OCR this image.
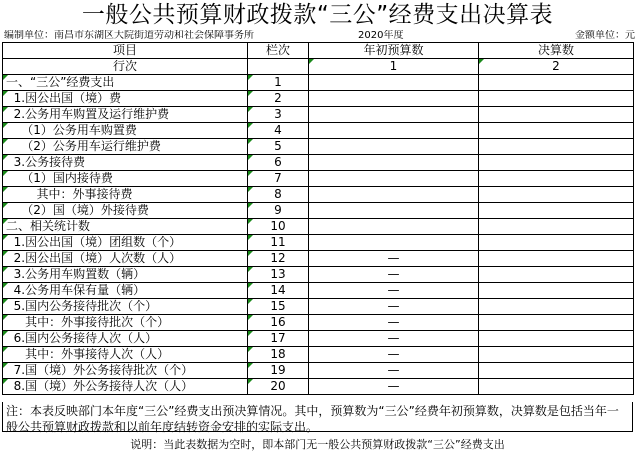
一般公共预算财政拨款“三公”经费支出决算表
编制单位：南昌市东湖区大院街道劳动和社会保障事务所	2020年度	金额单位：元
项目	栏次	年初预算数	决算数
行次		1	2
一、“三公”经费支出	1		
1.因公出国（境）费	2		
2.公务用车购置及运行维护费	3		
（1）公务用车购置费	4		
（2）公务用车运行维护费	5		
3.公务接待费	6		
（1）国内接待费	7		
其中：外事接待费	8		
（2）国（境）外接待费	9		
二、相关统计数	10		
1.因公出国（境）团组数（个）	11		
2.因公出国（境）人次数（人）	12	—	
3.公务用车购置数（辆）	13	—	
4.公务用车保有量（辆）	14	—	
5.国内公务接待批次（个）	15	—	
其中：外事接待批次（个）	16	—	
6.国内公务接待人次（人）	17	—	
其中：外事接待人次（人）	18	—	
7.国（境）外公务接待批次（个）	19	—	
8.国（境）外公务接待人次（人）	20	—	
注：本表反映部门本年度“三公”经费支出预决算情况。其中，预算数为“三公”经费年初预算数，决算数是包括当年一般公共预算财政拨款和以前年度结转资金安排的实际支出。
说明：当此表数据为空时，即本部门无一般公共预算财政拨款“三公”经费支出
